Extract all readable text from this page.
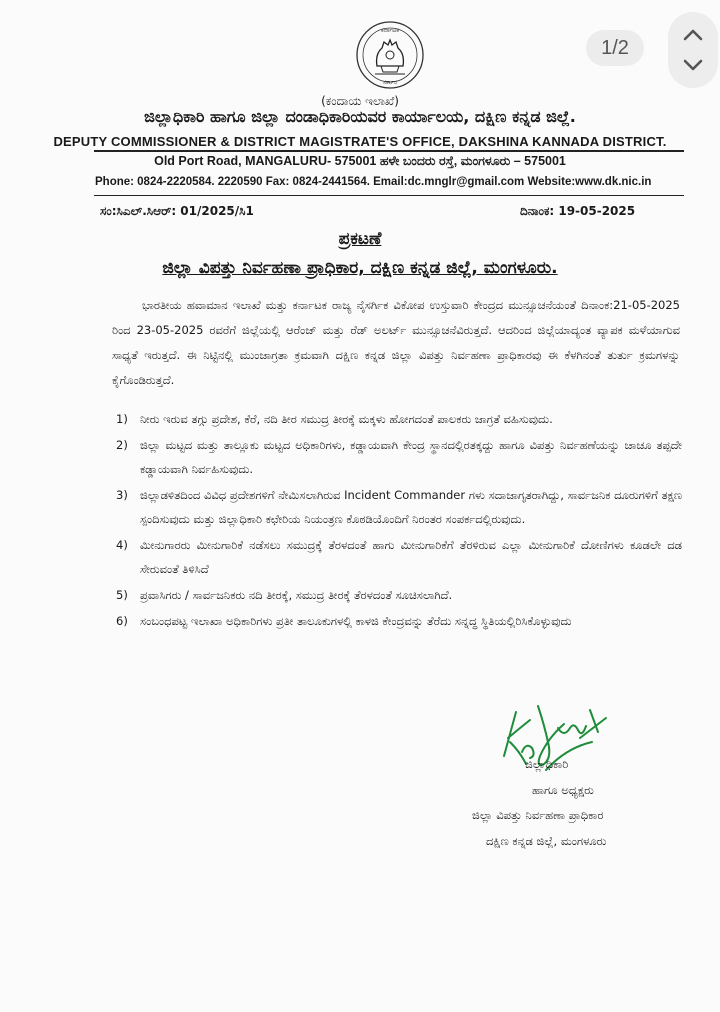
ಕರ್ನಾಟಕ
ಸರ್ಕಾರ
(ಕಂದಾಯ ಇಲಾಖೆ)
ಜಿಲ್ಲಾಧಿಕಾರಿ ಹಾಗೂ ಜಿಲ್ಲಾ ದಂಡಾಧಿಕಾರಿಯವರ ಕಾರ್ಯಾಲಯ, ದಕ್ಷಿಣ ಕನ್ನಡ ಜಿಲ್ಲೆ.
DEPUTY COMMISSIONER & DISTRICT MAGISTRATE'S OFFICE, DAKSHINA KANNADA DISTRICT.
Old Port Road, MANGALURU- 575001 ಹಳೇ ಬಂದರು ರಸ್ತೆ, ಮಂಗಳೂರು – 575001
Phone: 0824-2220584. 2220590 Fax: 0824-2441564. Email:dc.mnglr@gmail.com Website:www.dk.nic.in
ಸಂ:ಸಿಎಲ್.ಸಿಆರ್: 01/2025/ಸಿ1	ದಿನಾಂಕ: 19-05-2025
ಪ್ರಕಟಣೆ
ಜಿಲ್ಲಾ ವಿಪತ್ತು ನಿರ್ವಹಣಾ ಪ್ರಾಧಿಕಾರ, ದಕ್ಷಿಣ ಕನ್ನಡ ಜಿಲ್ಲೆ, ಮಂಗಳೂರು.
ಭಾರತೀಯ ಹವಾಮಾನ ಇಲಾಖೆ ಮತ್ತು ಕರ್ನಾಟಕ ರಾಜ್ಯ ನೈಸರ್ಗಿಕ ವಿಕೋಪ ಉಸ್ತುವಾರಿ ಕೇಂದ್ರದ ಮುನ್ಸೂಚನೆಯಂತೆ ದಿನಾಂಕ:21-05-2025 ರಿಂದ 23-05-2025 ರವರೆಗೆ ಜಿಲ್ಲೆಯಲ್ಲಿ ಆರೆಂಜ್ ಮತ್ತು ರೆಡ್ ಅಲರ್ಟ್ ಮುನ್ಸೂಚನೆವಿರುತ್ತದೆ. ಆದರಿಂದ ಜಿಲ್ಲೆಯಾದ್ಯಂತ ವ್ಯಾಪಕ ಮಳೆಯಾಗುವ ಸಾಧ್ಯತೆ ಇರುತ್ತದೆ. ಈ ನಿಟ್ಟಿನಲ್ಲಿ ಮುಂಜಾಗ್ರತಾ ಕ್ರಮವಾಗಿ ದಕ್ಷಿಣ ಕನ್ನಡ ಜಿಲ್ಲಾ ವಿಪತ್ತು ನಿರ್ವಹಣಾ ಪ್ರಾಧಿಕಾರವು ಈ ಕೆಳಗಿನಂತೆ ತುರ್ತು ಕ್ರಮಗಳನ್ನು ಕೈಗೊಂಡಿರುತ್ತದೆ.
1)	ನೀರು ಇರುವ ತಗ್ಗು ಪ್ರದೇಶ, ಕೆರೆ, ನದಿ ತೀರ ಸಮುದ್ರ ತೀರಕ್ಕೆ ಮಕ್ಕಳು ಹೋಗದಂತೆ ಪಾಲಕರು ಜಾಗ್ರತೆ ವಹಿಸುವುದು.
2)	ಜಿಲ್ಲಾ ಮಟ್ಟದ ಮತ್ತು ತಾಲ್ಲೂಕು ಮಟ್ಟದ ಅಧಿಕಾರಿಗಳು, ಕಡ್ಡಾಯವಾಗಿ ಕೇಂದ್ರ ಸ್ಥಾನದಲ್ಲಿರತಕ್ಕದ್ದು ಹಾಗೂ ವಿಪತ್ತು ನಿರ್ವಹಣೆಯನ್ನು ಚಾಚೂ ತಪ್ಪದೇ ಕಡ್ಡಾಯವಾಗಿ ನಿರ್ವಹಿಸುವುದು.
3)	ಜಿಲ್ಲಾಡಳಿತದಿಂದ ವಿವಿಧ ಪ್ರದೇಶಗಳಿಗೆ ನೇಮಿಸಲಾಗಿರುವ Incident Commander ಗಳು ಸದಾಜಾಗೃತರಾಗಿದ್ದು, ಸಾರ್ವಜನಿಕ ದೂರುಗಳಿಗೆ ತಕ್ಷಣ ಸ್ಪಂದಿಸುವುದು ಮತ್ತು ಜಿಲ್ಲಾಧಿಕಾರಿ ಕಛೇರಿಯ ನಿಯಂತ್ರಣ ಕೊಠಡಿಯೊಂದಿಗೆ ನಿರಂತರ ಸಂಪರ್ಕದಲ್ಲಿರುವುದು.
4)	ಮೀನುಗಾರರು ಮೀನುಗಾರಿಕೆ ನಡೆಸಲು ಸಮುದ್ರಕ್ಕೆ ತೆರಳದಂತೆ ಹಾಗು ಮೀನುಗಾರಿಕೆಗೆ ತೆರಳಿರುವ ಎಲ್ಲಾ ಮೀನುಗಾರಿಕೆ ದೋಣಿಗಳು ಕೂಡಲೇ ದಡ ಸೇರುವಂತೆ ತಿಳಿಸಿದೆ
5)	ಪ್ರವಾಸಿಗರು / ಸಾರ್ವಜನಿಕರು ನದಿ ತೀರಕ್ಕೆ, ಸಮುದ್ರ ತೀರಕ್ಕೆ ತೆರಳದಂತೆ ಸೂಚಿಸಲಾಗಿದೆ.
6)	ಸಂಬಂಧಪಟ್ಟ ಇಲಾಖಾ ಅಧಿಕಾರಿಗಳು ಪ್ರತೀ ತಾಲೂಕುಗಳಲ್ಲಿ ಕಾಳಜಿ ಕೇಂದ್ರವನ್ನು ತೆರೆದು ಸನ್ನದ್ಧ ಸ್ಥಿತಿಯಲ್ಲಿರಿಸಿಕೊಳ್ಳುವುದು
ಜಿಲ್ಲಾಧಿಕಾರಿ
ಹಾಗೂ ಅಧ್ಯಕ್ಷರು
ಜಿಲ್ಲಾ ವಿಪತ್ತು ನಿರ್ವಹಣಾ ಪ್ರಾಧಿಕಾರ
ದಕ್ಷಿಣ ಕನ್ನಡ ಜಿಲ್ಲೆ, ಮಂಗಳೂರು
1/2
